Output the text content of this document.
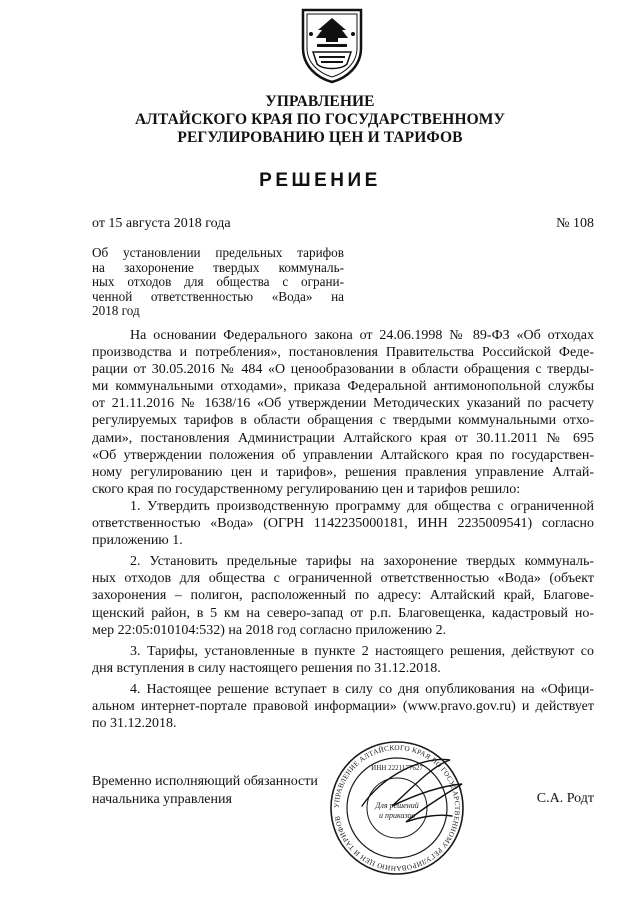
УПРАВЛЕНИЕ
АЛТАЙСКОГО КРАЯ ПО ГОСУДАРСТВЕННОМУ
РЕГУЛИРОВАНИЮ ЦЕН И ТАРИФОВ
РЕШЕНИЕ
от 15 августа 2018 года	№ 108
Об установлении предельных тарифов
на захоронение твердых коммуналь-
ных отходов для общества с ограни-
ченной ответственностью «Вода» на
2018 год
На основании Федерального закона от 24.06.1998 № 89-ФЗ «Об отходах
производства и потребления», постановления Правительства Российской Феде-
рации от 30.05.2016 № 484 «О ценообразовании в области обращения с тверды-
ми коммунальными отходами», приказа Федеральной антимонопольной службы
от 21.11.2016 № 1638/16 «Об утверждении Методических указаний по расчету
регулируемых тарифов в области обращения с твердыми коммунальными отхо-
дами», постановления Администрации Алтайского края от 30.11.2011 № 695
«Об утверждении положения об управлении Алтайского края по государствен-
ному регулированию цен и тарифов», решения правления управление Алтай-
ского края по государственному регулированию цен и тарифов решило:
1. Утвердить производственную программу для общества с ограниченной
ответственностью «Вода» (ОГРН 1142235000181, ИНН 2235009541) согласно
приложению 1.
2. Установить предельные тарифы на захоронение твердых коммуналь-
ных отходов для общества с ограниченной ответственностью «Вода» (объект
захоронения – полигон, расположенный по адресу: Алтайский край, Благове-
щенский район, в 5 км на северо-запад от р.п. Благовещенка, кадастровый но-
мер 22:05:010104:532) на 2018 год согласно приложению 2.
3. Тарифы, установленные в пункте 2 настоящего решения, действуют со
дня вступления в силу настоящего решения по 31.12.2018.
4. Настоящее решение вступает в силу со дня опубликования на «Офици-
альном интернет-портале правовой информации» (www.pravo.gov.ru) и действует
по 31.12.2018.
Временно исполняющий обязанности
начальника управления	С.А. Родт
УПРАВЛЕНИЕ АЛТАЙСКОГО КРАЯ ПО ГОСУДАРСТВЕННОМУ РЕГУЛИРОВАНИЮ ЦЕН И ТАРИФОВ
ИНН 2221177627
Для решений
и приказов
